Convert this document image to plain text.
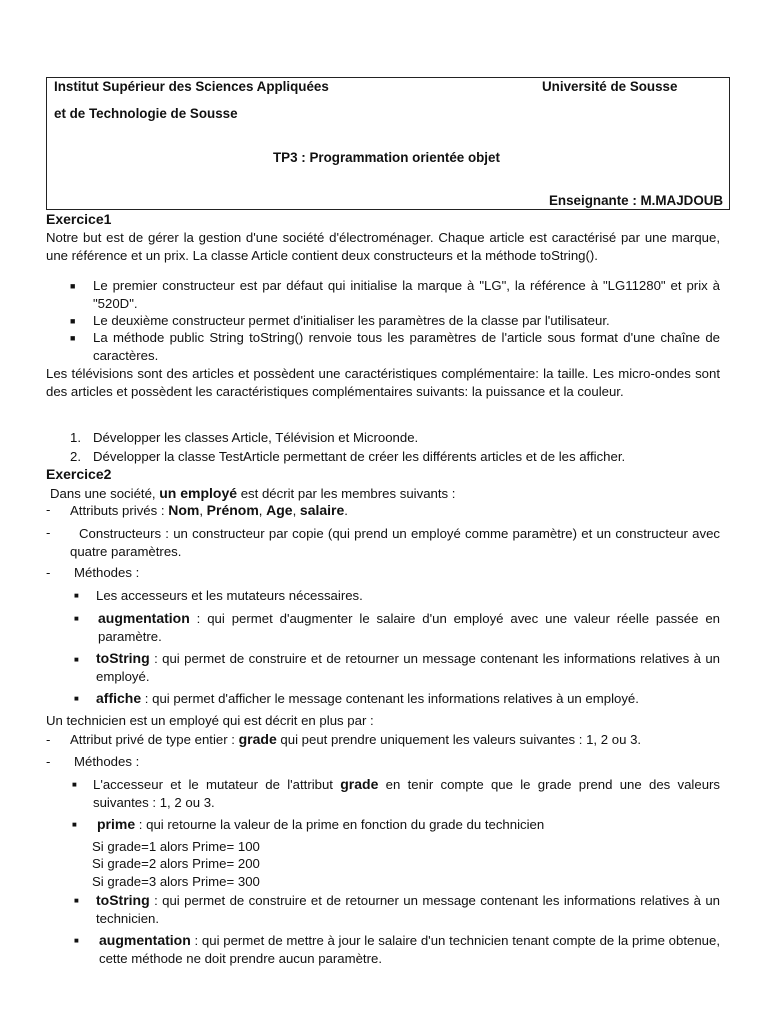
Institut Supérieur des Sciences Appliquées
et de Technologie de Sousse
Université de Sousse
TP3 : Programmation orientée objet
Enseignante : M.MAJDOUB
Exercice1
Notre but est de gérer la gestion d'une société d'électroménager. Chaque article est caractérisé par une marque, une référence et un prix. La classe Article contient deux constructeurs et la méthode toString().
■ Le premier constructeur est par défaut qui initialise la marque à "LG", la référence à "LG11280" et prix à "520D".
■ Le deuxième constructeur permet d'initialiser les paramètres de la classe par l'utilisateur.
■ La méthode public String toString() renvoie tous les paramètres de l'article sous format d'une chaîne de caractères.
Les télévisions sont des articles et possèdent une caractéristiques complémentaire: la taille. Les micro-ondes sont des articles et possèdent les caractéristiques complémentaires suivants: la puissance et la couleur.
1. Développer les classes Article, Télévision et Microonde.
2. Développer la classe TestArticle permettant de créer les différents articles et de les afficher.
Exercice2
Dans une société, un employé est décrit par les membres suivants :
- Attributs privés : Nom, Prénom, Age, salaire.
-	Constructeurs : un constructeur par copie (qui prend un employé comme paramètre) et un constructeur avec quatre paramètres.
- Méthodes :
■ Les accesseurs et les mutateurs nécessaires.
■ augmentation : qui permet d'augmenter le salaire d'un employé avec une valeur réelle passée en paramètre.
■ toString : qui permet de construire et de retourner un message contenant les informations relatives à un employé.
■ affiche : qui permet d'afficher le message contenant les informations relatives à un employé.
Un technicien est un employé qui est décrit en plus par :
- Attribut privé de type entier : grade qui peut prendre uniquement les valeurs suivantes : 1, 2 ou 3.
- Méthodes :
■ L'accesseur et le mutateur de l'attribut grade en tenir compte que le grade prend une des valeurs suivantes : 1, 2 ou 3.
■ prime : qui retourne la valeur de la prime en fonction du grade du technicien
Si grade=1 alors Prime= 100
Si grade=2 alors Prime= 200
Si grade=3 alors Prime= 300
■ toString : qui permet de construire et de retourner un message contenant les informations relatives à un technicien.
■ augmentation : qui permet de mettre à jour le salaire d'un technicien tenant compte de la prime obtenue, cette méthode ne doit prendre aucun paramètre.
